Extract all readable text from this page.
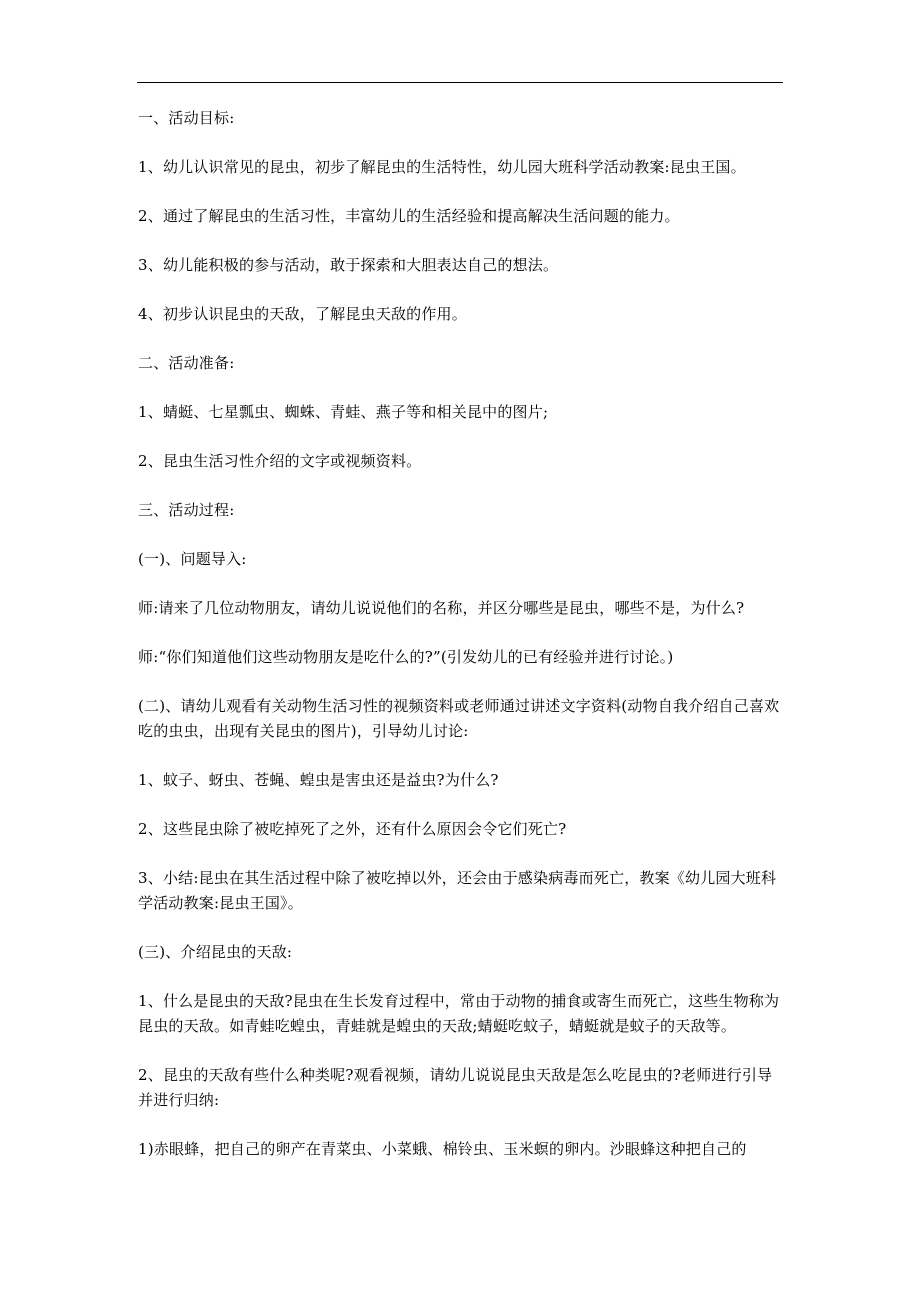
一、活动目标:

1、幼儿认识常见的昆虫，初步了解昆虫的生活特性，幼儿园大班科学活动教案:昆虫王国。

2、通过了解昆虫的生活习性，丰富幼儿的生活经验和提高解决生活问题的能力。

3、幼儿能积极的参与活动，敢于探索和大胆表达自己的想法。

4、初步认识昆虫的天敌，了解昆虫天敌的作用。

二、活动准备:

1、蜻蜓、七星瓢虫、蜘蛛、青蛙、燕子等和相关昆中的图片;

2、昆虫生活习性介绍的文字或视频资料。

三、活动过程:

(一)、问题导入:

师:请来了几位动物朋友，请幼儿说说他们的名称，并区分哪些是昆虫，哪些不是，为什么?

师:“你们知道他们这些动物朋友是吃什么的?”(引发幼儿的已有经验并进行讨论。)

(二)、请幼儿观看有关动物生活习性的视频资料或老师通过讲述文字资料(动物自我介绍自己喜欢吃的虫虫，出现有关昆虫的图片)，引导幼儿讨论:

1、蚊子、蚜虫、苍蝇、蝗虫是害虫还是益虫?为什么?

2、这些昆虫除了被吃掉死了之外，还有什么原因会令它们死亡?

3、小结:昆虫在其生活过程中除了被吃掉以外，还会由于感染病毒而死亡，教案《幼儿园大班科学活动教案:昆虫王国》。

(三)、介绍昆虫的天敌:

1、什么是昆虫的天敌?昆虫在生长发育过程中，常由于动物的捕食或寄生而死亡，这些生物称为昆虫的天敌。如青蛙吃蝗虫，青蛙就是蝗虫的天敌;蜻蜓吃蚊子，蜻蜓就是蚊子的天敌等。

2、昆虫的天敌有些什么种类呢?观看视频，请幼儿说说昆虫天敌是怎么吃昆虫的?老师进行引导并进行归纳:

1)赤眼蜂，把自己的卵产在青菜虫、小菜蛾、棉铃虫、玉米螟的卵内。沙眼蜂这种把自己的
